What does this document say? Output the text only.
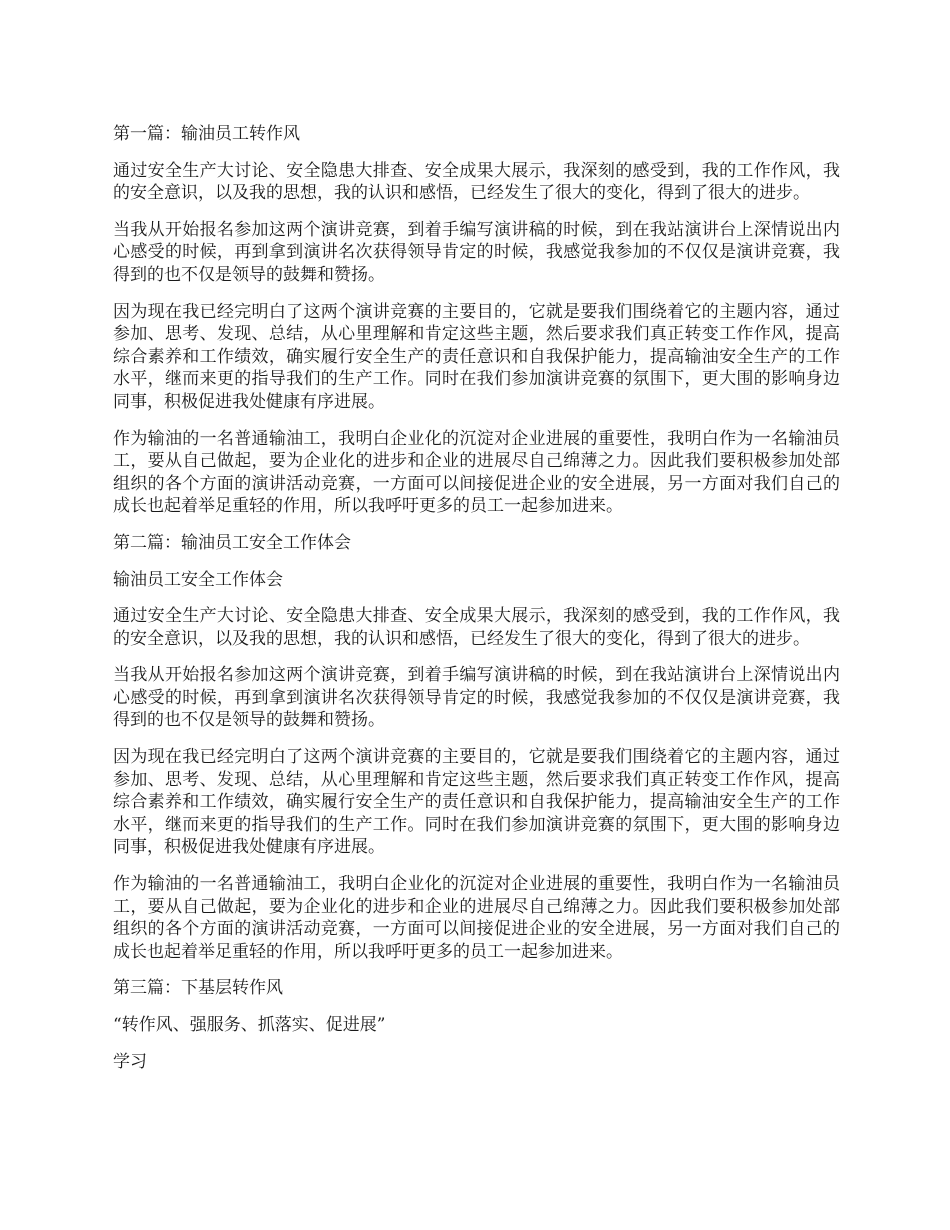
第一篇：输油员工转作风

通过安全生产大讨论、安全隐患大排查、安全成果大展示，我深刻的感受到，我的工作作风，我的安全意识，以及我的思想，我的认识和感悟，已经发生了很大的变化，得到了很大的进步。

当我从开始报名参加这两个演讲竞赛，到着手编写演讲稿的时候，到在我站演讲台上深情说出内心感受的时候，再到拿到演讲名次获得领导肯定的时候，我感觉我参加的不仅仅是演讲竞赛，我得到的也不仅是领导的鼓舞和赞扬。

因为现在我已经完明白了这两个演讲竞赛的主要目的，它就是要我们围绕着它的主题内容，通过参加、思考、发现、总结，从心里理解和肯定这些主题，然后要求我们真正转变工作作风，提高综合素养和工作绩效，确实履行安全生产的责任意识和自我保护能力，提高输油安全生产的工作水平，继而来更的指导我们的生产工作。同时在我们参加演讲竞赛的氛围下，更大围的影响身边同事，积极促进我处健康有序进展。

作为输油的一名普通输油工，我明白企业化的沉淀对企业进展的重要性，我明白作为一名输油员工，要从自己做起，要为企业化的进步和企业的进展尽自己绵薄之力。因此我们要积极参加处部组织的各个方面的演讲活动竞赛，一方面可以间接促进企业的安全进展，另一方面对我们自己的成长也起着举足重轻的作用，所以我呼吁更多的员工一起参加进来。

第二篇：输油员工安全工作体会

输油员工安全工作体会

通过安全生产大讨论、安全隐患大排查、安全成果大展示，我深刻的感受到，我的工作作风，我的安全意识，以及我的思想，我的认识和感悟，已经发生了很大的变化，得到了很大的进步。

当我从开始报名参加这两个演讲竞赛，到着手编写演讲稿的时候，到在我站演讲台上深情说出内心感受的时候，再到拿到演讲名次获得领导肯定的时候，我感觉我参加的不仅仅是演讲竞赛，我得到的也不仅是领导的鼓舞和赞扬。

因为现在我已经完明白了这两个演讲竞赛的主要目的，它就是要我们围绕着它的主题内容，通过参加、思考、发现、总结，从心里理解和肯定这些主题，然后要求我们真正转变工作作风，提高综合素养和工作绩效，确实履行安全生产的责任意识和自我保护能力，提高输油安全生产的工作水平，继而来更的指导我们的生产工作。同时在我们参加演讲竞赛的氛围下，更大围的影响身边同事，积极促进我处健康有序进展。

作为输油的一名普通输油工，我明白企业化的沉淀对企业进展的重要性，我明白作为一名输油员工，要从自己做起，要为企业化的进步和企业的进展尽自己绵薄之力。因此我们要积极参加处部组织的各个方面的演讲活动竞赛，一方面可以间接促进企业的安全进展，另一方面对我们自己的成长也起着举足重轻的作用，所以我呼吁更多的员工一起参加进来。

第三篇：下基层转作风

“转作风、强服务、抓落实、促进展”

学习
